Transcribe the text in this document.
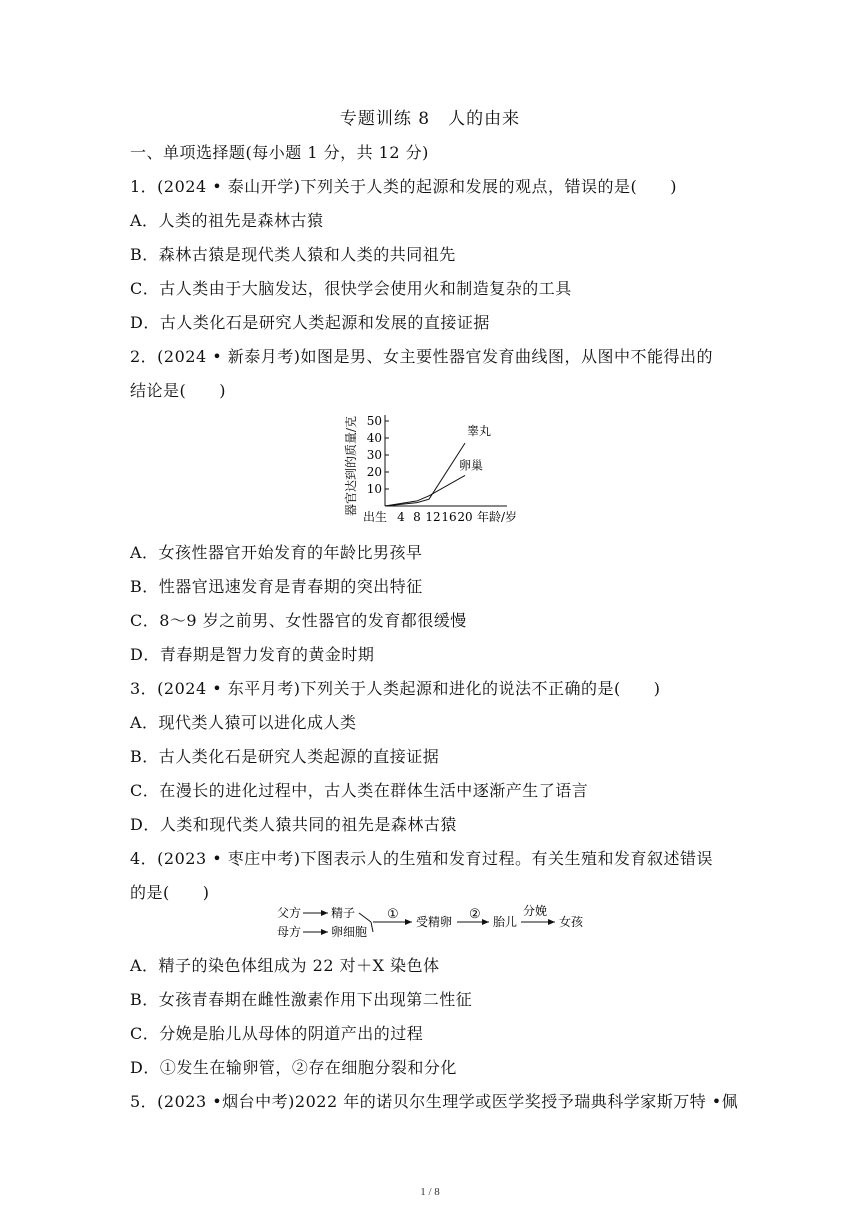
专题训练 8　人的由来
一、单项选择题(每小题 1 分，共 12 分)
1．(2024 • 泰山开学)下列关于人类的起源和发展的观点，错误的是(　　)
A．人类的祖先是森林古猿
B．森林古猿是现代类人猿和人类的共同祖先
C．古人类由于大脑发达，很快学会使用火和制造复杂的工具
D．古人类化石是研究人类起源和发展的直接证据
2．(2024 • 新泰月考)如图是男、女主要性器官发育曲线图，从图中不能得出的
结论是(　　)
10
20
30
40
50
出生 4 8 12 16 20 年龄/岁
器官达到的质量/克	睾丸
卵巢
A．女孩性器官开始发育的年龄比男孩早
B．性器官迅速发育是青春期的突出特征
C．8～9 岁之前男、女性器官的发育都很缓慢
D．青春期是智力发育的黄金时期
3．(2024 • 东平月考)下列关于人类起源和进化的说法不正确的是(　　)
A．现代类人猿可以进化成人类
B．古人类化石是研究人类起源的直接证据
C．在漫长的进化过程中，古人类在群体生活中逐渐产生了语言
D．人类和现代类人猿共同的祖先是森林古猿
4．(2023 • 枣庄中考)下图表示人的生殖和发育过程。有关生殖和发育叙述错误
的是(　　)
父方 精子
母方 卵细胞
① 受精卵 ② 胎儿
分娩
女孩
A．精子的染色体组成为 22 对＋X 染色体
B．女孩青春期在雌性激素作用下出现第二性征
C．分娩是胎儿从母体的阴道产出的过程
D．①发生在输卵管，②存在细胞分裂和分化
5．(2023 •烟台中考)2022 年的诺贝尔生理学或医学奖授予瑞典科学家斯万特 •佩
1 / 8
